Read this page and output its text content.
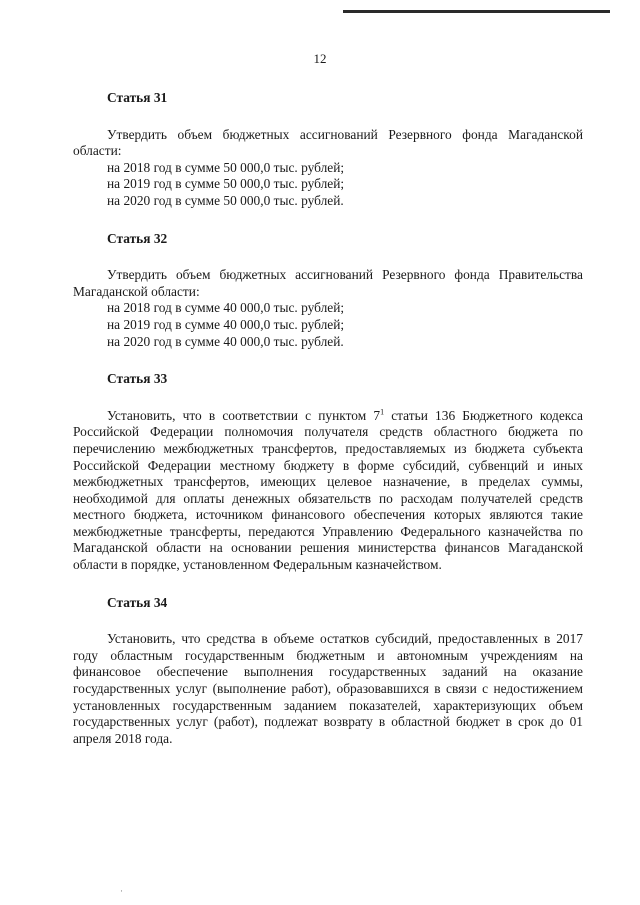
12

Статья 31

Утвердить объем бюджетных ассигнований Резервного фонда Магаданской области:

на 2018 год в сумме 50 000,0 тыс. рублей;

на 2019 год в сумме 50 000,0 тыс. рублей;

на 2020 год в сумме 50 000,0 тыс. рублей.

Статья 32

Утвердить объем бюджетных ассигнований Резервного фонда Правительства Магаданской области:

на 2018 год в сумме 40 000,0 тыс. рублей;

на 2019 год в сумме 40 000,0 тыс. рублей;

на 2020 год в сумме 40 000,0 тыс. рублей.

Статья 33

Установить, что в соответствии с пунктом $7^1$ статьи 136 Бюджетного кодекса Российской Федерации полномочия получателя средств областного бюджета по перечислению межбюджетных трансфертов, предоставляемых из бюджета субъекта Российской Федерации местному бюджету в форме субсидий, субвенций и иных межбюджетных трансфертов, имеющих целевое назначение, в пределах суммы, необходимой для оплаты денежных обязательств по расходам получателей средств местного бюджета, источником финансового обеспечения которых являются такие межбюджетные трансферты, передаются Управлению Федерального казначейства по Магаданской области на основании решения министерства финансов Магаданской области в порядке, установленном Федеральным казначейством.

Статья 34

Установить, что средства в объеме остатков субсидий, предоставленных в 2017 году областным государственным бюджетным и автономным учреждениям на финансовое обеспечение выполнения государственных заданий на оказание государственных услуг (выполнение работ), образовавшихся в связи с недостижением установленных государственным заданием показателей, характеризующих объем государственных услуг (работ), подлежат возврату в областной бюджет в срок до 01 апреля 2018 года.

·
